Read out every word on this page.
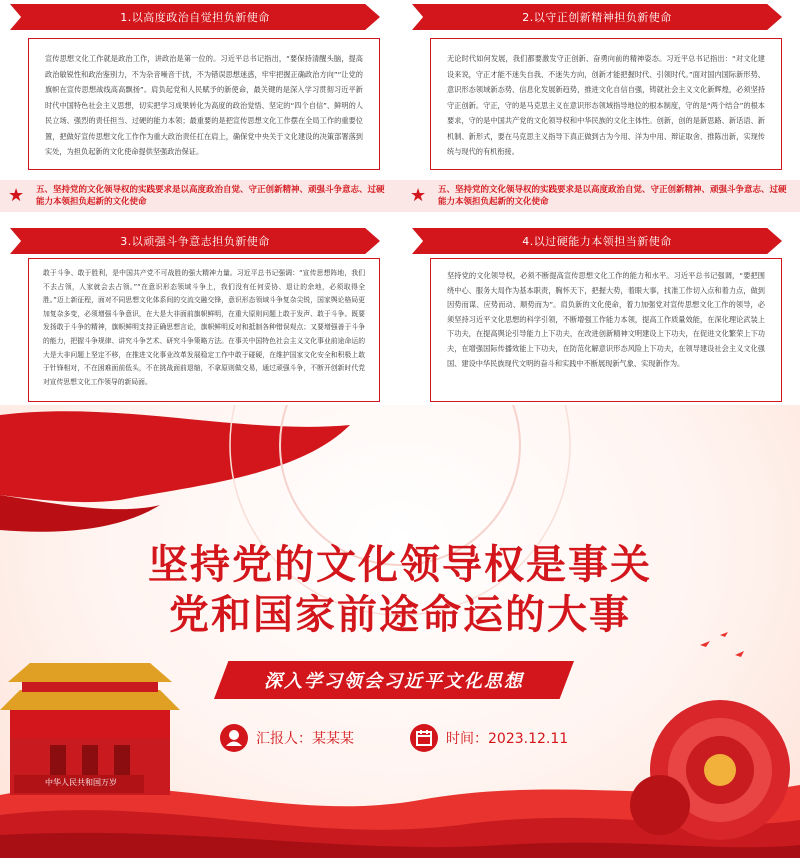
1.以高度政治自觉担负新使命
宣传思想文化工作就是政治工作，讲政治是第一位的。习近平总书记指出，“要保持清醒头脑，提高政治敏锐性和政治鉴别力，不为杂音噪音干扰，不为错误思想迷惑，牢牢把握正确政治方向”“让党的旗帜在宣传思想战线高高飘扬”。肩负起党和人民赋予的新使命，最关键的是深入学习贯彻习近平新时代中国特色社会主义思想，切实把学习成果转化为高度的政治觉悟、坚定的“四个自信”、鲜明的人民立场、强烈的责任担当、过硬的能力本领；最重要的是把宣传思想文化工作摆在全局工作的重要位置，把做好宣传思想文化工作作为重大政治责任扛在肩上，确保党中央关于文化建设的决策部署落到实处，为担负起新的文化使命提供坚强政治保证。
2.以守正创新精神担负新使命
无论时代如何发展，我们都要激发守正创新、奋勇向前的精神姿态。习近平总书记指出：“对文化建设来说，守正才能不迷失自我、不迷失方向，创新才能把握时代、引领时代。”面对国内国际新形势、意识形态领域新态势、信息化发展新趋势，推进文化自信自强，铸就社会主义文化新辉煌，必须坚持守正创新。守正，守的是马克思主义在意识形态领域指导地位的根本制度，守的是“两个结合”的根本要求，守的是中国共产党的文化领导权和中华民族的文化主体性。创新，创的是新思路、新话语、新机制、新形式，要在马克思主义指导下真正做到古为今用、洋为中用、辩证取舍、推陈出新，实现传统与现代的有机衔接。
★ 五、坚持党的文化领导权的实践要求是以高度政治自觉、守正创新精神、顽强斗争意志、过硬能力本领担负起新的文化使命	★ 五、坚持党的文化领导权的实践要求是以高度政治自觉、守正创新精神、顽强斗争意志、过硬能力本领担负起新的文化使命
3.以顽强斗争意志担负新使命
敢于斗争、敢于胜利，是中国共产党不可战胜的强大精神力量。习近平总书记强调：“宣传思想阵地，我们不去占领，人家就会去占领。”“在意识形态领域斗争上，我们没有任何妥协、退让的余地，必须取得全胜。”迈上新征程，面对不同思想文化体系间的交流交融交锋，意识形态领域斗争复杂尖锐，国家舆论格局更加复杂多变，必须增强斗争意识，在大是大非面前旗帜鲜明，在重大原则问题上敢于发声、敢于斗争。既要发扬敢于斗争的精神，旗帜鲜明支持正确思想言论，旗帜鲜明反对和抵制各种错误观点；又要增强善于斗争的能力，把握斗争规律、讲究斗争艺术、研究斗争策略方法。在事关中国特色社会主义文化事业前途命运的大是大非问题上坚定不移，在推进文化事业改革发展稳定工作中敢于碰硬，在维护国家文化安全和积极上敢于针锋相对，不在困难面前低头，不在挑战面前退缩，不拿原则做交易，通过顽强斗争，不断开创新时代党对宣传思想文化工作领导的新局面。
4.以过硬能力本领担当新使命
坚持党的文化领导权，必须不断提高宣传思想文化工作的能力和水平。习近平总书记强调，“要把围绕中心、服务大局作为基本职责，胸怀天下，把握大势，着眼大事，找准工作切入点和着力点，做到因势而谋、应势而动、顺势而为”。肩负新的文化使命，着力加强党对宣传思想文化工作的领导，必须坚持习近平文化思想的科学引领，不断增强工作能力本领，提高工作质量效能，在深化理论武装上下功夫，在提高舆论引导能力上下功夫，在改进创新精神文明建设上下功夫，在促进文化繁荣上下功夫，在增强国际传播效能上下功夫，在防范化解意识形态风险上下功夫，在领导建设社会主义文化强国、建设中华民族现代文明的奋斗和实践中不断展现新气象、实现新作为。
中华人民共和国万岁
坚持党的文化领导权是事关
党和国家前途命运的大事
深入学习领会习近平文化思想
汇报人：某某某	时间：2023.12.11
